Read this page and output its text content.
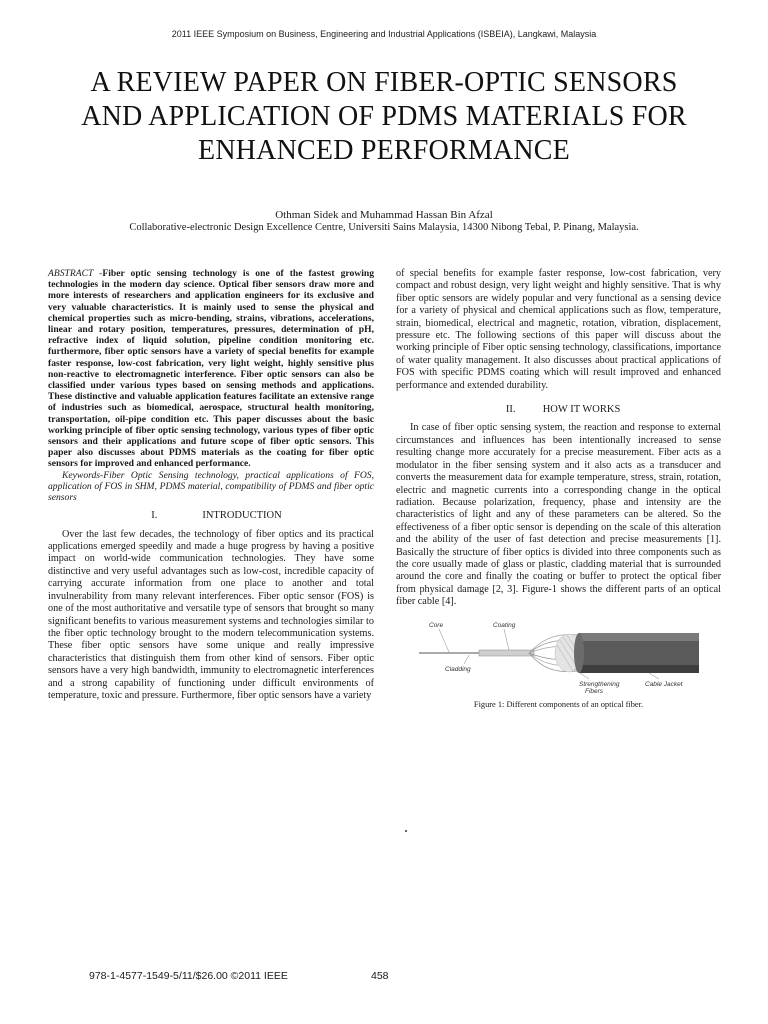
2011 IEEE Symposium on Business, Engineering and Industrial Applications (ISBEIA), Langkawi, Malaysia
A REVIEW PAPER ON FIBER-OPTIC SENSORS AND APPLICATION OF PDMS MATERIALS FOR ENHANCED PERFORMANCE
Othman Sidek and Muhammad Hassan Bin Afzal
Collaborative-electronic Design Excellence Centre, Universiti Sains Malaysia, 14300 Nibong Tebal, P. Pinang, Malaysia.

ABSTRACT -Fiber optic sensing technology is one of the fastest growing technologies in the modern day science. Optical fiber sensors draw more and more interests of researchers and application engineers for its exclusive and very valuable characteristics. It is mainly used to sense the physical and chemical properties such as micro-bending, strains, vibrations, accelerations, linear and rotary position, temperatures, pressures, determination of pH, refractive index of liquid solution, pipeline condition monitoring etc. furthermore, fiber optic sensors have a variety of special benefits for example faster response, low-cost fabrication, very light weight, highly sensitive plus non-reactive to electromagnetic interference. Fiber optic sensors can also be classified under various types based on sensing methods and applications. These distinctive and valuable application features facilitate an extensive range of industries such as biomedical, aerospace, structural health monitoring, transportation, oil-pipe condition etc. This paper discusses about the basic working principle of fiber optic sensing technology, various types of fiber optic sensors and their applications and future scope of fiber optic sensors. This paper also discusses about PDMS materials as the coating for fiber optic sensors for improved and enhanced performance.

Keywords-Fiber Optic Sensing technology, practical applications of FOS, application of FOS in SHM, PDMS material, compatibility of PDMS and fiber optic sensors

I.	INTRODUCTION

Over the last few decades, the technology of fiber optics and its practical applications emerged speedily and made a huge progress by having a positive impact on world-wide communication technologies. They have some distinctive and very useful advantages such as low-cost, incredible capacity of carrying accurate information from one place to another and total invulnerability from many relevant interferences. Fiber optic sensor (FOS) is one of the most authoritative and versatile type of sensors that brought so many significant benefits to various measurement systems and technologies similar to the fiber optic technology brought to the modern telecommunication systems. These fiber optic sensors have some unique and really impressive characteristics that distinguish them from other kind of sensors. Fiber optic sensors have a very high bandwidth, immunity to electromagnetic interferences and a strong capability of functioning under difficult environments of temperature, toxic and pressure. Furthermore, fiber optic sensors have a variety

of special benefits for example faster response, low-cost fabrication, very compact and robust design, very light weight and highly sensitive. That is why fiber optic sensors are widely popular and very functional as a sensing device for a variety of physical and chemical applications such as flow, temperature, strain, biomedical, electrical and magnetic, rotation, vibration, displacement, pressure etc. The following sections of this paper will discuss about the working principle of Fiber optic sensing technology, classifications, importance of water quality management. It also discusses about practical applications of FOS with specific PDMS coating which will result improved and enhanced performance and extended durability.

II.	HOW IT WORKS

In case of fiber optic sensing system, the reaction and response to external circumstances and influences has been intentionally increased to sense resulting change more accurately for a precise measurement. Fiber acts as a modulator in the fiber sensing system and it also acts as a transducer and converts the measurement data for example temperature, stress, strain, rotation, electric and magnetic currents into a corresponding change in the optical radiation. Because polarization, frequency, phase and intensity are the characteristics of light and any of these parameters can be altered. So the effectiveness of a fiber optic sensor is depending on the scale of this alteration and the ability of the user of fast detection and precise measurements [1]. Basically the structure of fiber optics is divided into three components such as the core usually made of glass or plastic, cladding material that is surrounded around the core and finally the coating or buffer to protect the optical fiber from physical damage [2, 3]. Figure-1 shows the different parts of an optical fiber cable [4].

Core	Coating
Cladding
Strengthening
Fibers
Cable Jacket
Figure 1: Different components of an optical fiber.
978-1-4577-1549-5/11/$26.00 ©2011 IEEE	458
